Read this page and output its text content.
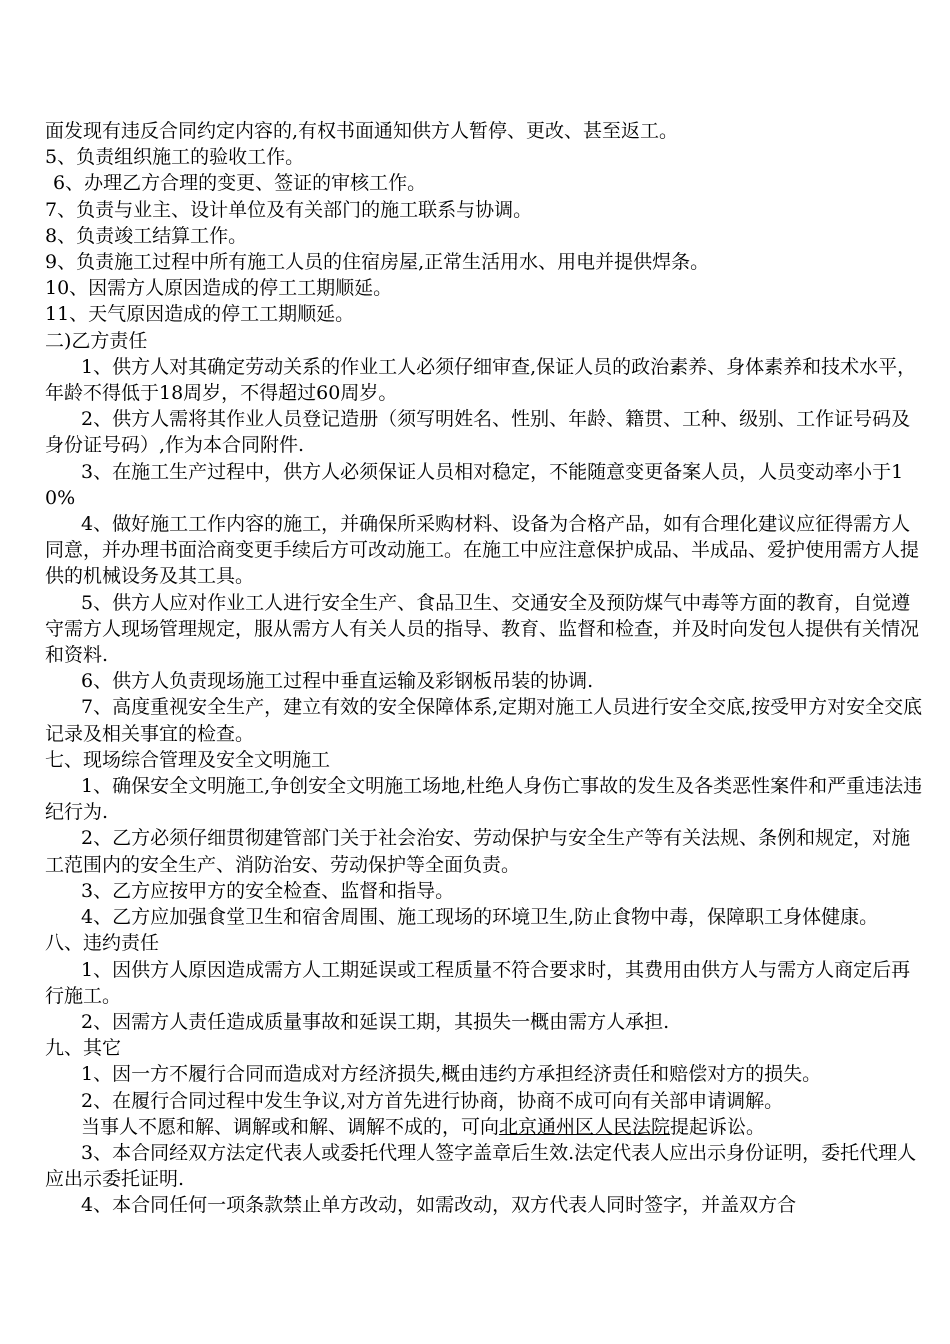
面发现有违反合同约定内容的,有权书面通知供方人暂停、更改、甚至返工。

5、负责组织施工的验收工作。

6、办理乙方合理的变更、签证的审核工作。

7、负责与业主、设计单位及有关部门的施工联系与协调。

8、负责竣工结算工作。

9、负责施工过程中所有施工人员的住宿房屋,正常生活用水、用电并提供焊条。

10、因需方人原因造成的停工工期顺延。

11、天气原因造成的停工工期顺延。

二)乙方责任

1、供方人对其确定劳动关系的作业工人必须仔细审查,保证人员的政治素养、身体素养和技术水平，年龄不得低于18周岁，不得超过60周岁。

2、供方人需将其作业人员登记造册（须写明姓名、性别、年龄、籍贯、工种、级别、工作证号码及身份证号码）,作为本合同附件.

3、在施工生产过程中，供方人必须保证人员相对稳定，不能随意变更备案人员，人员变动率小于10%

4、做好施工工作内容的施工，并确保所采购材料、设备为合格产品，如有合理化建议应征得需方人同意，并办理书面洽商变更手续后方可改动施工。在施工中应注意保护成品、半成品、爱护使用需方人提供的机械设务及其工具。

5、供方人应对作业工人进行安全生产、食品卫生、交通安全及预防煤气中毒等方面的教育，自觉遵守需方人现场管理规定，服从需方人有关人员的指导、教育、监督和检查，并及时向发包人提供有关情况和资料.

6、供方人负责现场施工过程中垂直运输及彩钢板吊装的协调.

7、高度重视安全生产，建立有效的安全保障体系,定期对施工人员进行安全交底,按受甲方对安全交底记录及相关事宜的检查。

七、现场综合管理及安全文明施工

1、确保安全文明施工,争创安全文明施工场地,杜绝人身伤亡事故的发生及各类恶性案件和严重违法违纪行为.

2、乙方必须仔细贯彻建管部门关于社会治安、劳动保护与安全生产等有关法规、条例和规定，对施工范围内的安全生产、消防治安、劳动保护等全面负责。

3、乙方应按甲方的安全检查、监督和指导。

4、乙方应加强食堂卫生和宿舍周围、施工现场的环境卫生,防止食物中毒，保障职工身体健康。

八、违约责任

1、因供方人原因造成需方人工期延误或工程质量不符合要求时，其费用由供方人与需方人商定后再行施工。

2、因需方人责任造成质量事故和延误工期，其损失一概由需方人承担.

九、其它

1、因一方不履行合同而造成对方经济损失,概由违约方承担经济责任和赔偿对方的损失。

2、在履行合同过程中发生争议,对方首先进行协商，协商不成可向有关部申请调解。

当事人不愿和解、调解或和解、调解不成的，可向北京通州区人民法院提起诉讼。

3、本合同经双方法定代表人或委托代理人签字盖章后生效.法定代表人应出示身份证明，委托代理人应出示委托证明.

4、本合同任何一项条款禁止单方改动，如需改动，双方代表人同时签字，并盖双方合
